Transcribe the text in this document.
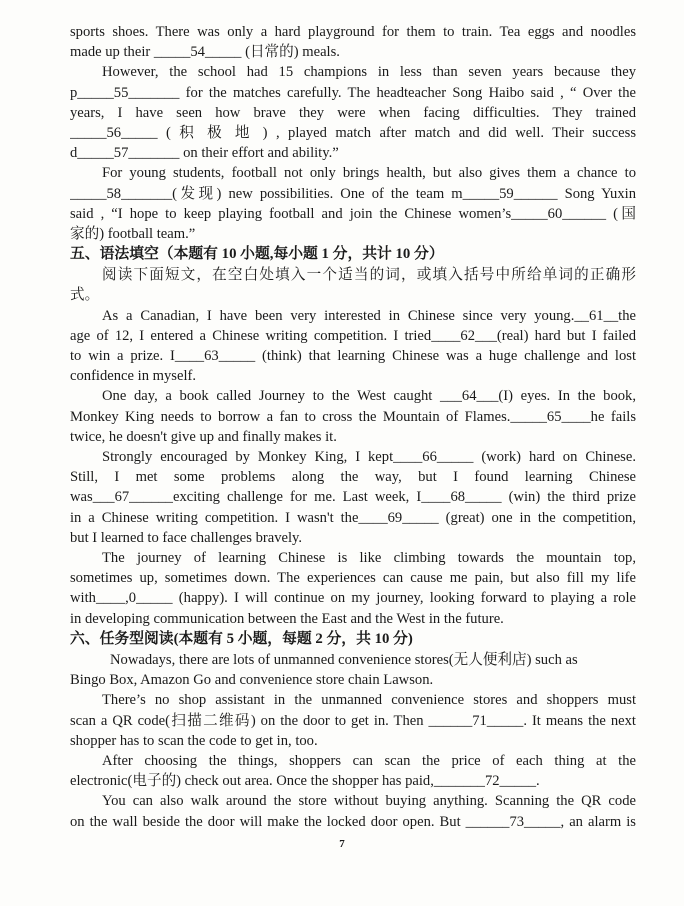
sports shoes. There was only a hard playground for them to train. Tea eggs and noodles
made up their _____54_____ (日常的) meals.
However, the school had 15 champions in less than seven years because they
p_____55_______ for the matches carefully. The headteacher Song Haibo said , “ Over the
years, I have seen how brave they were when facing difficulties. They trained
_____56_____ ( 积 极 地 ) , played match after match and did well. Their success
d_____57_______ on their effort and ability.”
For young students, football not only brings health, but also gives them a chance to
_____58_______(发现) new possibilities. One of the team m_____59______ Song Yuxin
said , “I hope to keep playing football and join the Chinese women’s_____60______ (国
家的) football team.”
五、语法填空（本题有 10 小题,每小题 1 分，共计 10 分）
阅读下面短文，在空白处填入一个适当的词，或填入括号中所给单词的正确形
式。
As a Canadian, I have been very interested in Chinese since very young.__61__the
age of 12, I entered a Chinese writing competition. I tried____62___(real) hard but I failed
to win a prize. I____63_____ (think) that learning Chinese was a huge challenge and lost
confidence in myself.
One day, a book called Journey to the West caught ___64___(I) eyes. In the book,
Monkey King needs to borrow a fan to cross the Mountain of Flames._____65____he fails
twice, he doesn't give up and finally makes it.
Strongly encouraged by Monkey King, I kept____66_____ (work) hard on Chinese.
Still, I met some problems along the way, but I found learning Chinese
was___67______exciting challenge for me. Last week, I____68_____ (win) the third prize
in a Chinese writing competition. I wasn't the____69_____ (great) one in the competition,
but I learned to face challenges bravely.
The journey of learning Chinese is like climbing towards the mountain top,
sometimes up, sometimes down. The experiences can cause me pain, but also fill my life
with____,0_____ (happy). I will continue on my journey, looking forward to playing a role
in developing communication between the East and the West in the future.
六、任务型阅读(本题有 5 小题，每题 2 分，共 10 分)
Nowadays, there are lots of unmanned convenience stores(无人便利店) such as
Bingo Box, Amazon Go and convenience store chain Lawson.
There’s no shop assistant in the unmanned convenience stores and shoppers must
scan a QR code(扫描二维码) on the door to get in. Then ______71_____. It means the next
shopper has to scan the code to get in, too.
After choosing the things, shoppers can scan the price of each thing at the
electronic(电子的) check out area. Once the shopper has paid,_______72_____.
You can also walk around the store without buying anything. Scanning the QR code
on the wall beside the door will make the locked door open. But ______73_____, an alarm is
7
